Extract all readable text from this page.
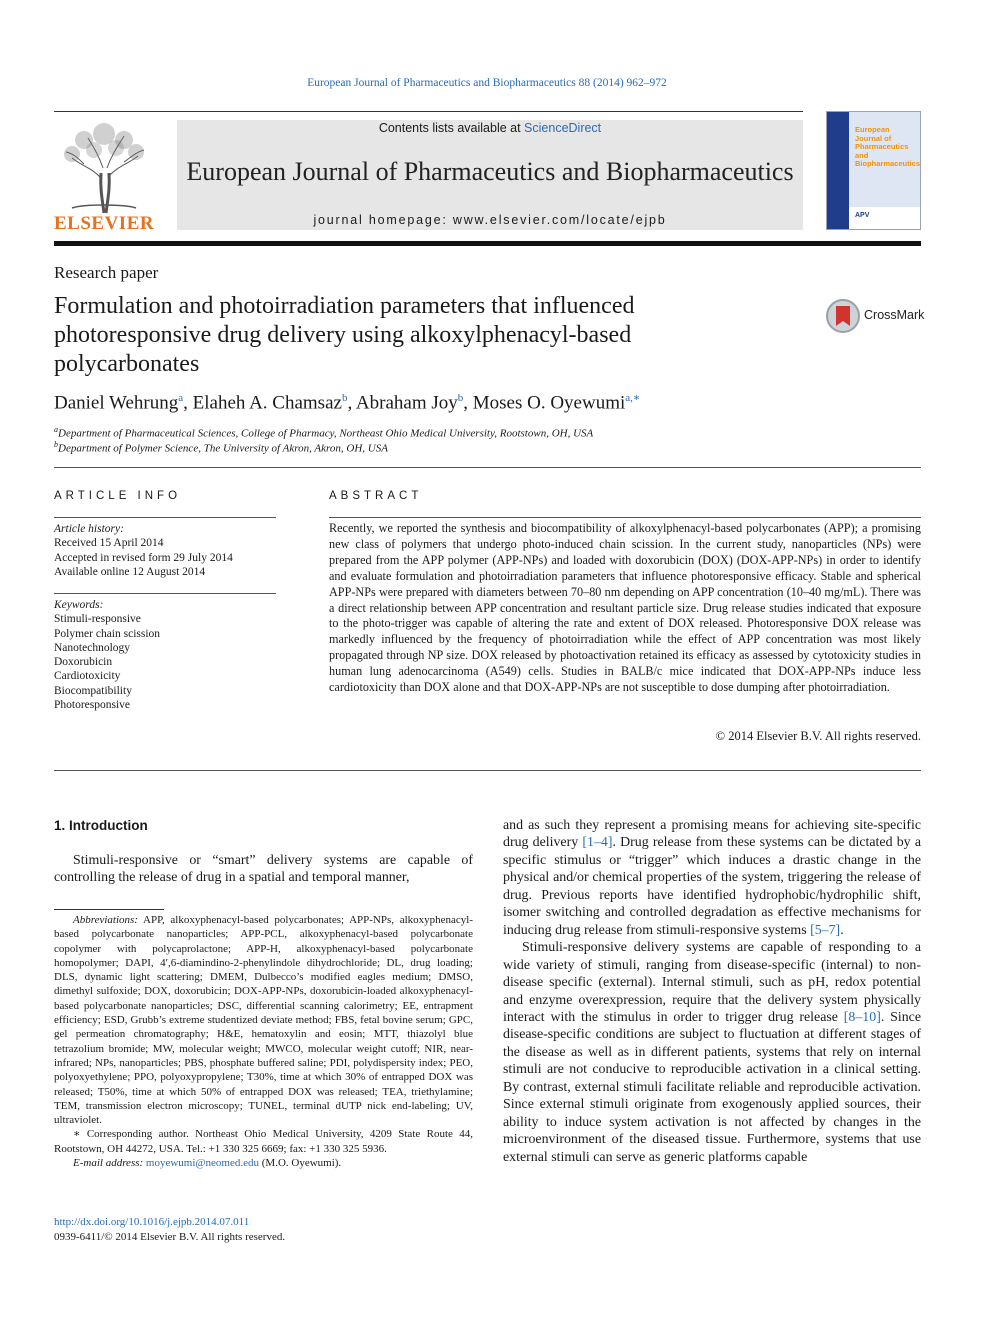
European Journal of Pharmaceutics and Biopharmaceutics 88 (2014) 962–972
ELSEVIER
Contents lists available at ScienceDirect
European Journal of Pharmaceutics and Biopharmaceutics
journal homepage: www.elsevier.com/locate/ejpb
European
Journal of
Pharmaceutics and
Biopharmaceutics
APV
Research paper
Formulation and photoirradiation parameters that influenced photoresponsive drug delivery using alkoxylphenacyl-based polycarbonates
CrossMark
Daniel Wehrung$^a$, Elaheh A. Chamsaz$^b$, Abraham Joy$^b$, Moses O. Oyewumi$^{a,∗}$
$^a$Department of Pharmaceutical Sciences, College of Pharmacy, Northeast Ohio Medical University, Rootstown, OH, USA
$^b$Department of Polymer Science, The University of Akron, Akron, OH, USA
ARTICLE INFO
Article history:
Received 15 April 2014
Accepted in revised form 29 July 2014
Available online 12 August 2014
Keywords:
Stimuli-responsive
Polymer chain scission
Nanotechnology
Doxorubicin
Cardiotoxicity
Biocompatibility
Photoresponsive
ABSTRACT
Recently, we reported the synthesis and biocompatibility of alkoxylphenacyl-based polycarbonates (APP); a promising new class of polymers that undergo photo-induced chain scission. In the current study, nanoparticles (NPs) were prepared from the APP polymer (APP-NPs) and loaded with doxorubicin (DOX) (DOX-APP-NPs) in order to identify and evaluate formulation and photoirradiation parameters that influence photoresponsive efficacy. Stable and spherical APP-NPs were prepared with diameters between 70–80 nm depending on APP concentration (10–40 mg/mL). There was a direct relationship between APP concentration and resultant particle size. Drug release studies indicated that exposure to the photo-trigger was capable of altering the rate and extent of DOX released. Photoresponsive DOX release was markedly influenced by the frequency of photoirradiation while the effect of APP concentration was most likely propagated through NP size. DOX released by photoactivation retained its efficacy as assessed by cytotoxicity studies in human lung adenocarcinoma (A549) cells. Studies in BALB/c mice indicated that DOX-APP-NPs induce less cardiotoxicity than DOX alone and that DOX-APP-NPs are not susceptible to dose dumping after photoirradiation.
© 2014 Elsevier B.V. All rights reserved.
1. Introduction
Stimuli-responsive or “smart” delivery systems are capable of controlling the release of drug in a spatial and temporal manner,

Abbreviations: APP, alkoxyphenacyl-based polycarbonates; APP-NPs, alkoxyphenacyl-based polycarbonate nanoparticles; APP-PCL, alkoxyphenacyl-based polycarbonate copolymer with polycaprolactone; APP-H, alkoxyphenacyl-based polycarbonate homopolymer; DAPI, 4′,6-diamindino-2-phenylindole dihydrochloride; DL, drug loading; DLS, dynamic light scattering; DMEM, Dulbecco’s modified eagles medium; DMSO, dimethyl sulfoxide; DOX, doxorubicin; DOX-APP-NPs, doxorubicin-loaded alkoxyphenacyl-based polycarbonate nanoparticles; DSC, differential scanning calorimetry; EE, entrapment efficiency; ESD, Grubb’s extreme studentized deviate method; FBS, fetal bovine serum; GPC, gel permeation chromatography; H&E, hematoxylin and eosin; MTT, thiazolyl blue tetrazolium bromide; MW, molecular weight; MWCO, molecular weight cutoff; NIR, near-infrared; NPs, nanoparticles; PBS, phosphate buffered saline; PDI, polydispersity index; PEO, polyoxyethylene; PPO, polyoxypropylene; T30%, time at which 30% of entrapped DOX was released; T50%, time at which 50% of entrapped DOX was released; TEA, triethylamine; TEM, transmission electron microscopy; TUNEL, terminal dUTP nick end-labeling; UV, ultraviolet.

∗ Corresponding author. Northeast Ohio Medical University, 4209 State Route 44, Rootstown, OH 44272, USA. Tel.: +1 330 325 6669; fax: +1 330 325 5936.

E-mail address: moyewumi@neomed.edu (M.O. Oyewumi).

http://dx.doi.org/10.1016/j.ejpb.2014.07.011
0939-6411/© 2014 Elsevier B.V. All rights reserved.

and as such they represent a promising means for achieving site-specific drug delivery [1–4]. Drug release from these systems can be dictated by a specific stimulus or “trigger” which induces a drastic change in the physical and/or chemical properties of the system, triggering the release of drug. Previous reports have identified hydrophobic/hydrophilic shift, isomer switching and controlled degradation as effective mechanisms for inducing drug release from stimuli-responsive systems [5–7].

Stimuli-responsive delivery systems are capable of responding to a wide variety of stimuli, ranging from disease-specific (internal) to non-disease specific (external). Internal stimuli, such as pH, redox potential and enzyme overexpression, require that the delivery system physically interact with the stimulus in order to trigger drug release [8–10]. Since disease-specific conditions are subject to fluctuation at different stages of the disease as well as in different patients, systems that rely on internal stimuli are not conducive to reproducible activation in a clinical setting. By contrast, external stimuli facilitate reliable and reproducible activation. Since external stimuli originate from exogenously applied sources, their ability to induce system activation is not affected by changes in the microenvironment of the diseased tissue. Furthermore, systems that use external stimuli can serve as generic platforms capable
